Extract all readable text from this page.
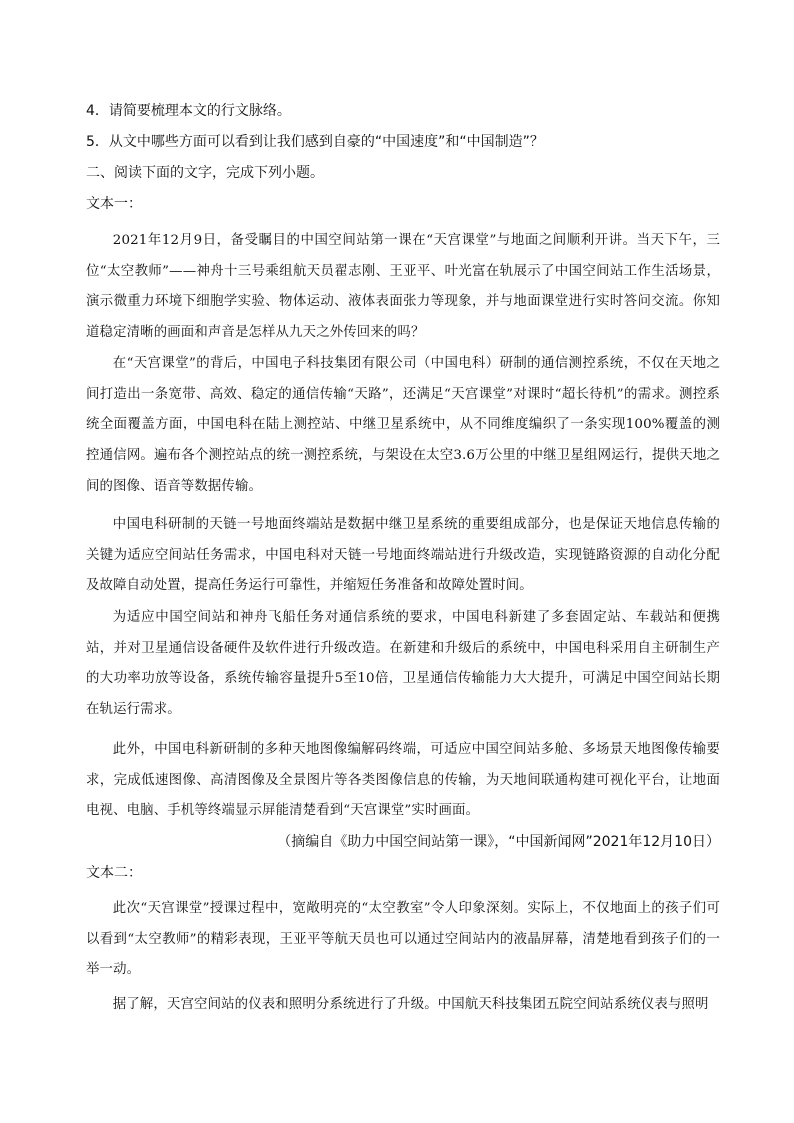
4．请简要梳理本文的行文脉络。
5．从文中哪些方面可以看到让我们感到自豪的“中国速度”和“中国制造”？
二、阅读下面的文字，完成下列小题。
文本一：
2021年12月9日，备受瞩目的中国空间站第一课在“天宫课堂”与地面之间顺利开讲。当天下午，三位“太空教师”——神舟十三号乘组航天员翟志刚、王亚平、叶光富在轨展示了中国空间站工作生活场景，演示微重力环境下细胞学实验、物体运动、液体表面张力等现象，并与地面课堂进行实时答问交流。你知道稳定清晰的画面和声音是怎样从九天之外传回来的吗？
在“天宫课堂”的背后，中国电子科技集团有限公司（中国电科）研制的通信测控系统，不仅在天地之间打造出一条宽带、高效、稳定的通信传输“天路”，还满足“天宫课堂”对课时“超长待机”的需求。测控系统全面覆盖方面，中国电科在陆上测控站、中继卫星系统中，从不同维度编织了一条实现100%覆盖的测控通信网。遍布各个测控站点的统一测控系统，与架设在太空3.6万公里的中继卫星组网运行，提供天地之间的图像、语音等数据传输。
中国电科研制的天链一号地面终端站是数据中继卫星系统的重要组成部分，也是保证天地信息传输的关键为适应空间站任务需求，中国电科对天链一号地面终端站进行升级改造，实现链路资源的自动化分配及故障自动处置，提高任务运行可靠性，并缩短任务准备和故障处置时间。
为适应中国空间站和神舟飞船任务对通信系统的要求，中国电科新建了多套固定站、车载站和便携站，并对卫星通信设备硬件及软件进行升级改造。在新建和升级后的系统中，中国电科采用自主研制生产的大功率功放等设备，系统传输容量提升5至10倍，卫星通信传输能力大大提升，可满足中国空间站长期在轨运行需求。
此外，中国电科新研制的多种天地图像编解码终端，可适应中国空间站多舱、多场景天地图像传输要求，完成低速图像、高清图像及全景图片等各类图像信息的传输，为天地间联通构建可视化平台，让地面电视、电脑、手机等终端显示屏能清楚看到“天宫课堂”实时画面。
（摘编自《助力中国空间站第一课》，“中国新闻网”2021年12月10日）
文本二：
此次“天宫课堂”授课过程中，宽敞明亮的“太空教室”令人印象深刻。实际上，不仅地面上的孩子们可以看到“太空教师”的精彩表现，王亚平等航天员也可以通过空间站内的液晶屏幕，清楚地看到孩子们的一举一动。
据了解，天宫空间站的仪表和照明分系统进行了升级。中国航天科技集团五院空间站系统仪表与照明
